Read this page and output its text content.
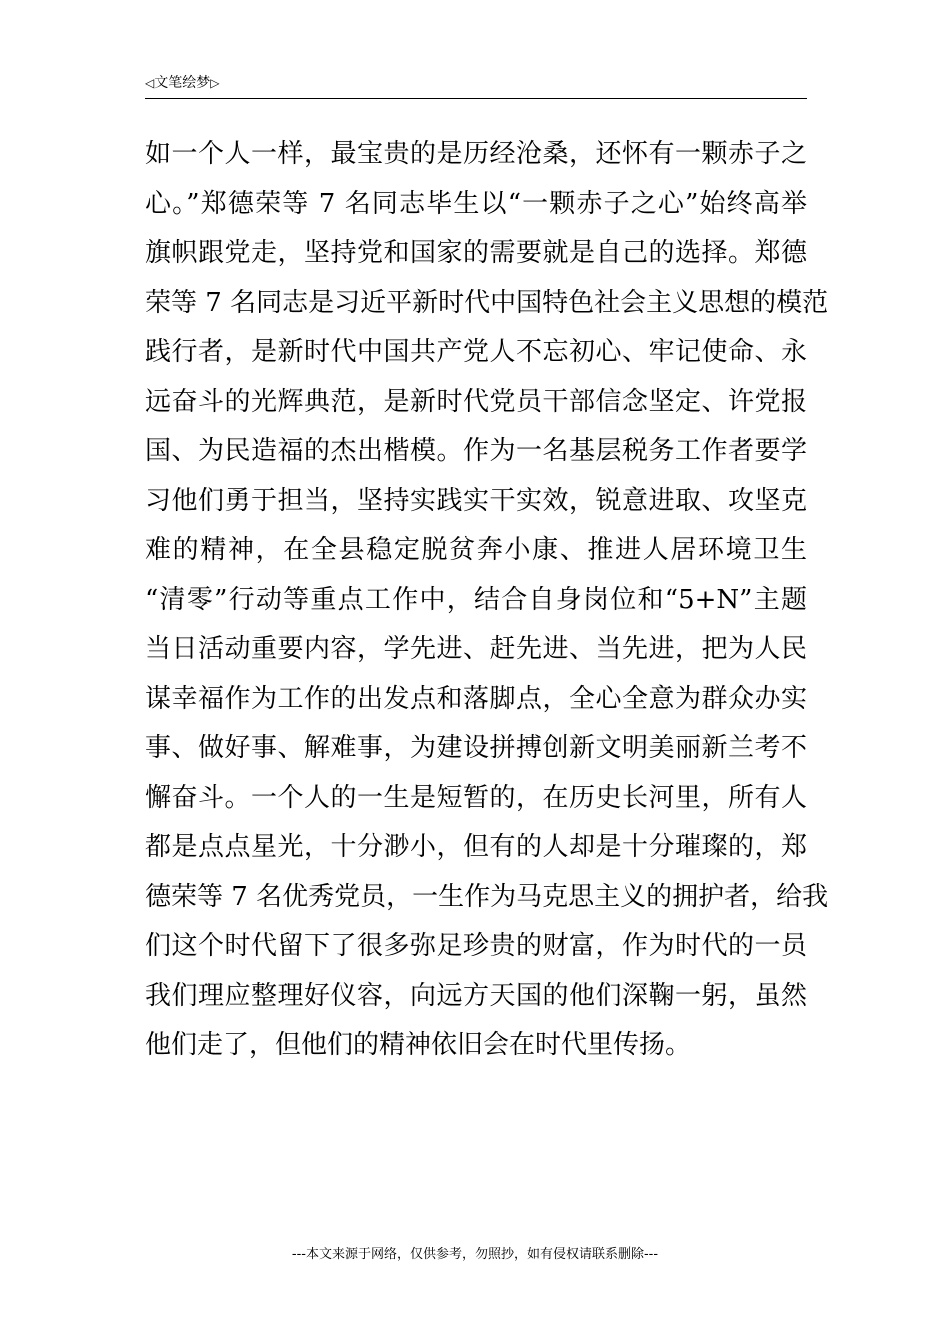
◁文笔绘梦▷
如一个人一样，最宝贵的是历经沧桑，还怀有一颗赤子之
心。”郑德荣等 7 名同志毕生以“一颗赤子之心”始终高举
旗帜跟党走，坚持党和国家的需要就是自己的选择。郑德
荣等 7 名同志是习近平新时代中国特色社会主义思想的模范
践行者，是新时代中国共产党人不忘初心、牢记使命、永
远奋斗的光辉典范，是新时代党员干部信念坚定、许党报
国、为民造福的杰出楷模。作为一名基层税务工作者要学
习他们勇于担当，坚持实践实干实效，锐意进取、攻坚克
难的精神，在全县稳定脱贫奔小康、推进人居环境卫生
“清零”行动等重点工作中，结合自身岗位和“5+N”主题
当日活动重要内容，学先进、赶先进、当先进，把为人民
谋幸福作为工作的出发点和落脚点，全心全意为群众办实
事、做好事、解难事，为建设拼搏创新文明美丽新兰考不
懈奋斗。一个人的一生是短暂的，在历史长河里，所有人
都是点点星光，十分渺小，但有的人却是十分璀璨的，郑
德荣等 7 名优秀党员，一生作为马克思主义的拥护者，给我
们这个时代留下了很多弥足珍贵的财富，作为时代的一员
我们理应整理好仪容，向远方天国的他们深鞠一躬，虽然
他们走了，但他们的精神依旧会在时代里传扬。
---本文来源于网络，仅供参考，勿照抄，如有侵权请联系删除---
